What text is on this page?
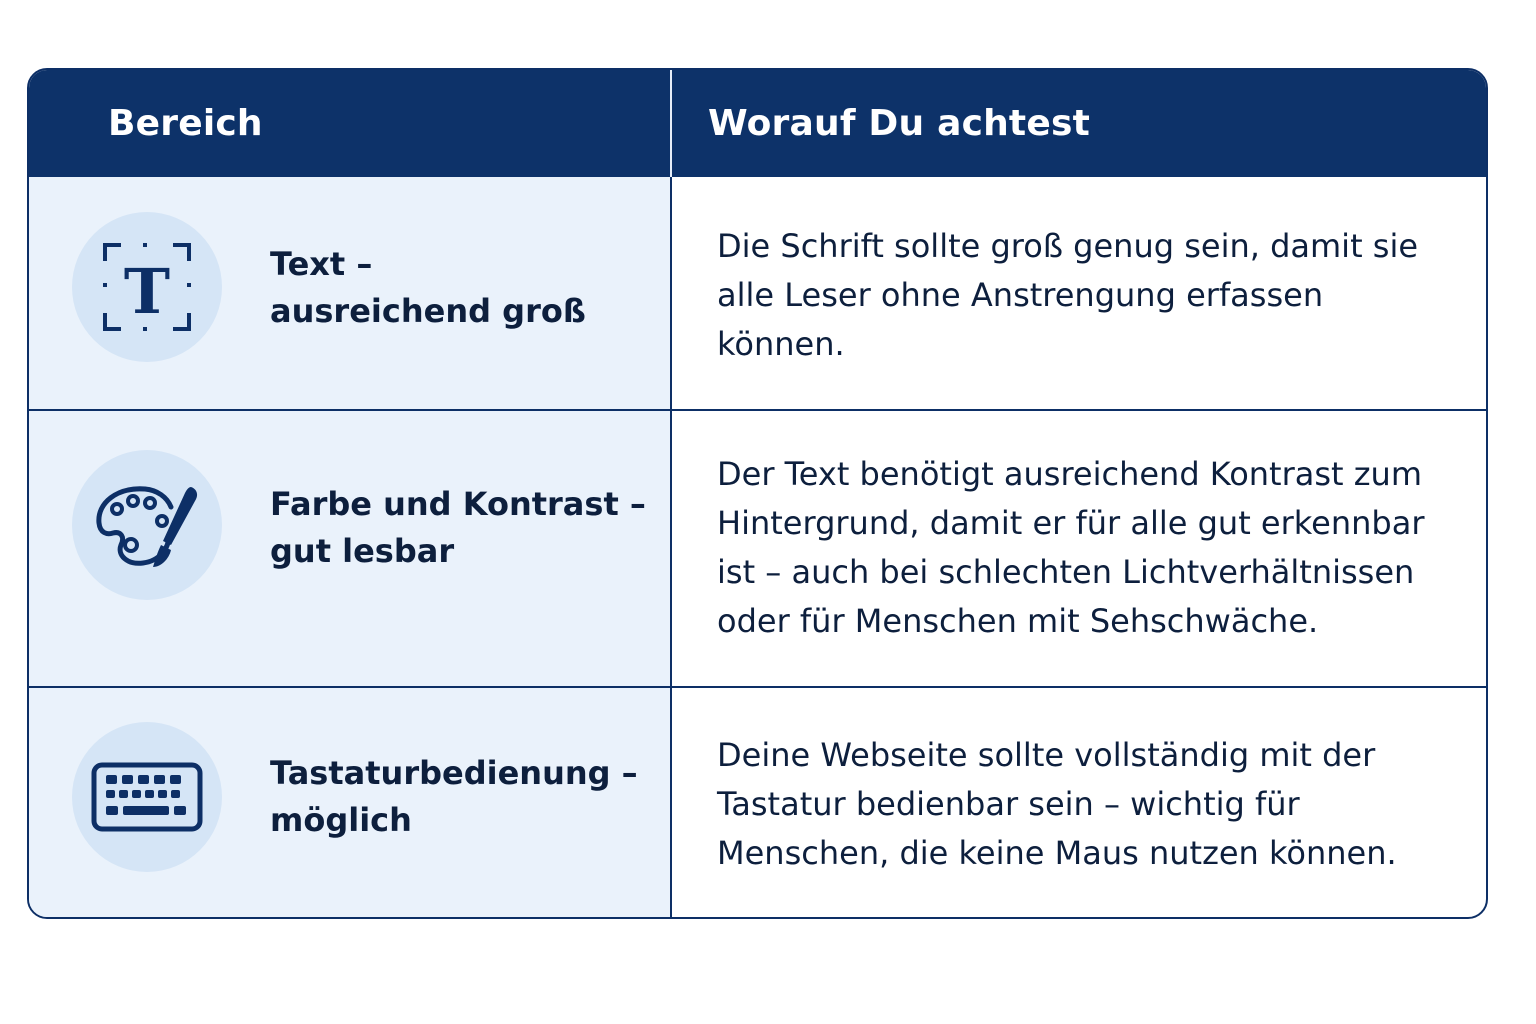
Bereich	Worauf Du achtest
T	Text –
ausreichend groß
Die Schrift sollte groß genug sein, damit sie alle Leser ohne Anstrengung erfassen können.
Farbe und Kontrast –
gut lesbar
Der Text benötigt ausreichend Kontrast zum Hintergrund, damit er für alle gut erkennbar ist – auch bei schlechten Lichtverhältnissen oder für Menschen mit Sehschwäche.
Tastaturbedienung –
möglich
Deine Webseite sollte vollständig mit der Tastatur bedienbar sein – wichtig für Menschen, die keine Maus nutzen können.
